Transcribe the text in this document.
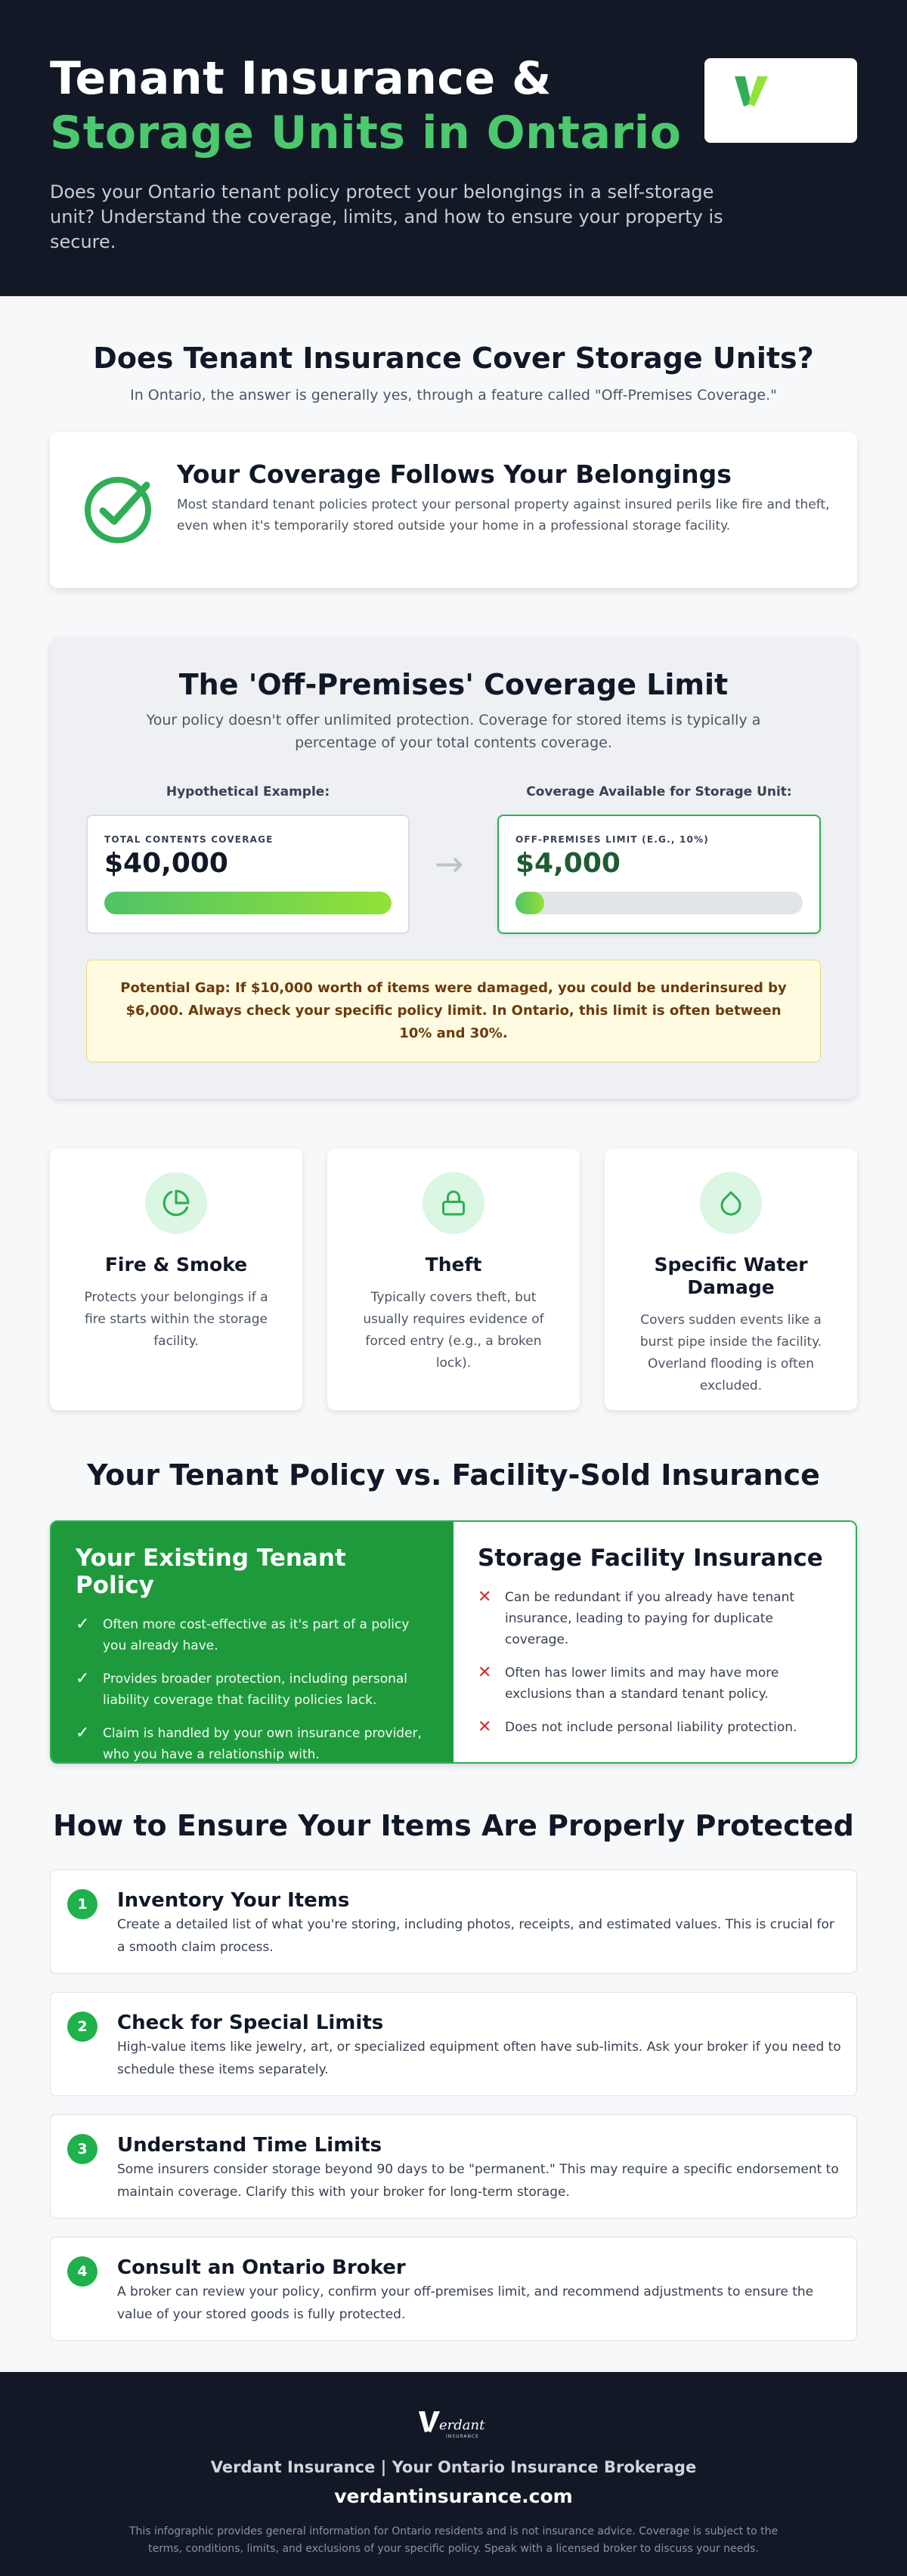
Tenant Insurance &
Storage Units in Ontario

Does your Ontario tenant policy protect your belongings in a self-storage unit? Understand the coverage, limits, and how to ensure your property is secure.

Does Tenant Insurance Cover Storage Units?

In Ontario, the answer is generally yes, through a feature called "Off-Premises Coverage."

Your Coverage Follows Your Belongings

Most standard tenant policies protect your personal property against insured perils like fire and theft, even when it's temporarily stored outside your home in a professional storage facility.

The 'Off-Premises' Coverage Limit
Your policy doesn't offer unlimited protection. Coverage for stored items is typically a
percentage of your total contents coverage.
Hypothetical Example:	Coverage Available for Storage Unit:
TOTAL CONTENTS COVERAGE
$40,000	→
OFF-PREMISES LIMIT (E.G., 10%)
$4,000

Potential Gap: If $10,000 worth of items were damaged, you could be underinsured by $6,000. Always check your specific policy limit. In Ontario, this limit is often between 10% and 30%.

Fire & Smoke

Protects your belongings if a fire starts within the storage facility.

Theft

Typically covers theft, but usually requires evidence of forced entry (e.g., a broken lock).

Specific Water Damage

Covers sudden events like a burst pipe inside the facility. Overland flooding is often excluded.

Your Tenant Policy vs. Facility-Sold Insurance
Your Existing Tenant Policy
✓ Often more cost-effective as it's part of a policy you already have.
✓ Provides broader protection, including personal liability coverage that facility policies lack.
✓ Claim is handled by your own insurance provider, who you have a relationship with.
Storage Facility Insurance
✕ Can be redundant if you already have tenant insurance, leading to paying for duplicate coverage.
✕ Often has lower limits and may have more exclusions than a standard tenant policy.
✕ Does not include personal liability protection.
How to Ensure Your Items Are Properly Protected
1	Inventory Your Items

Create a detailed list of what you're storing, including photos, receipts, and estimated values. This is crucial for a smooth claim process.

2	Check for Special Limits

High-value items like jewelry, art, or specialized equipment often have sub-limits. Ask your broker if you need to schedule these items separately.

3	Understand Time Limits

Some insurers consider storage beyond 90 days to be "permanent." This may require a specific endorsement to maintain coverage. Clarify this with your broker for long-term storage.

4	Consult an Ontario Broker

A broker can review your policy, confirm your off-premises limit, and recommend adjustments to ensure the value of your stored goods is fully protected.

erdant
INSURANCE
Verdant Insurance | Your Ontario Insurance Brokerage
verdantinsurance.com
This infographic provides general information for Ontario residents and is not insurance advice. Coverage is subject to the terms, conditions, limits, and exclusions of your specific policy. Speak with a licensed broker to discuss your needs.
